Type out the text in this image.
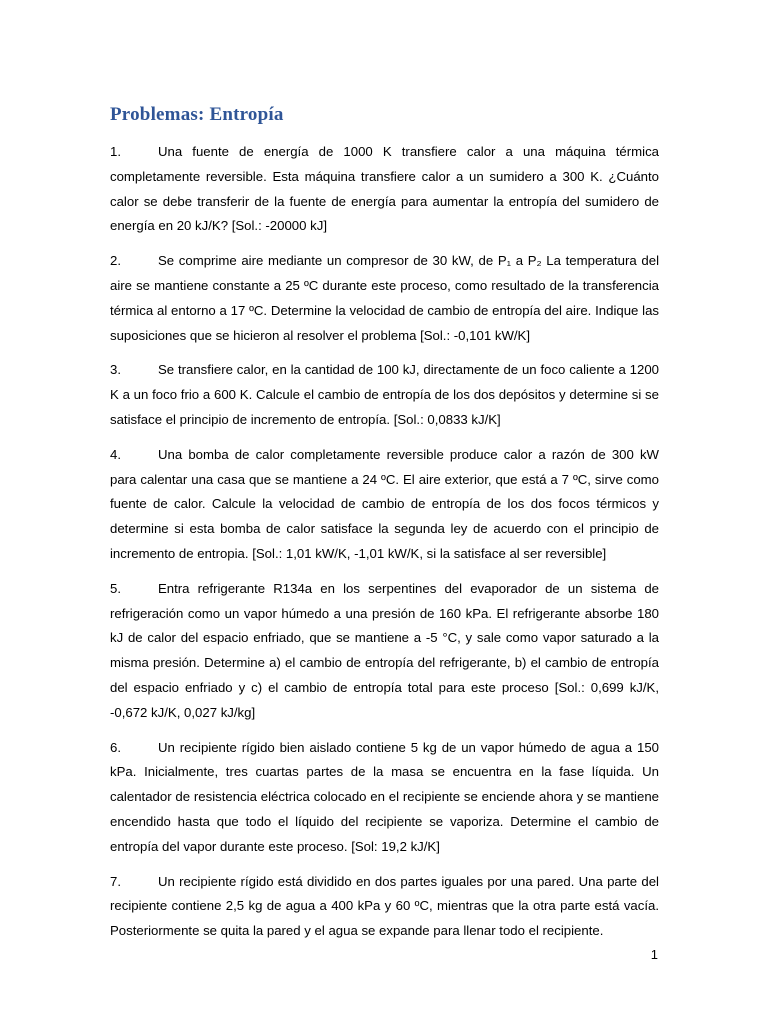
Problemas: Entropía

1.	Una fuente de energía de 1000 K transfiere calor a una máquina térmica completamente reversible. Esta máquina transfiere calor a un sumidero a 300 K. ¿Cuánto calor se debe transferir de la fuente de energía para aumentar la entropía del sumidero de energía en 20 kJ/K? [Sol.: -20000 kJ]

2.	Se comprime aire mediante un compresor de 30 kW, de P₁ a P₂ La temperatura del aire se mantiene constante a 25 ºC durante este proceso, como resultado de la transferencia térmica al entorno a 17 ºC. Determine la velocidad de cambio de entropía del aire. Indique las suposiciones que se hicieron al resolver el problema [Sol.: -0,101 kW/K]

3.	Se transfiere calor, en la cantidad de 100 kJ, directamente de un foco caliente a 1200 K a un foco frio a 600 K. Calcule el cambio de entropía de los dos depósitos y determine si se satisface el principio de incremento de entropía. [Sol.: 0,0833 kJ/K]

4.	Una bomba de calor completamente reversible produce calor a razón de 300 kW para calentar una casa que se mantiene a 24 ºC. El aire exterior, que está a 7 ºC, sirve como fuente de calor. Calcule la velocidad de cambio de entropía de los dos focos térmicos y determine si esta bomba de calor satisface la segunda ley de acuerdo con el principio de incremento de entropia. [Sol.: 1,01 kW/K, -1,01 kW/K, si la satisface al ser reversible]

5.	Entra refrigerante R134a en los serpentines del evaporador de un sistema de refrigeración como un vapor húmedo a una presión de 160 kPa. El refrigerante absorbe 180 kJ de calor del espacio enfriado, que se mantiene a -5 °C, y sale como vapor saturado a la misma presión. Determine a) el cambio de entropía del refrigerante, b) el cambio de entropía del espacio enfriado y c) el cambio de entropía total para este proceso [Sol.: 0,699 kJ/K, -0,672 kJ/K, 0,027 kJ/kg]

6.	Un recipiente rígido bien aislado contiene 5 kg de un vapor húmedo de agua a 150 kPa. Inicialmente, tres cuartas partes de la masa se encuentra en la fase líquida. Un calentador de resistencia eléctrica colocado en el recipiente se enciende ahora y se mantiene encendido hasta que todo el líquido del recipiente se vaporiza. Determine el cambio de entropía del vapor durante este proceso. [Sol: 19,2 kJ/K]

7.	Un recipiente rígido está dividido en dos partes iguales por una pared. Una parte del recipiente contiene 2,5 kg de agua a 400 kPa y 60 ºC, mientras que la otra parte está vacía. Posteriormente se quita la pared y el agua se expande para llenar todo el recipiente.

1
